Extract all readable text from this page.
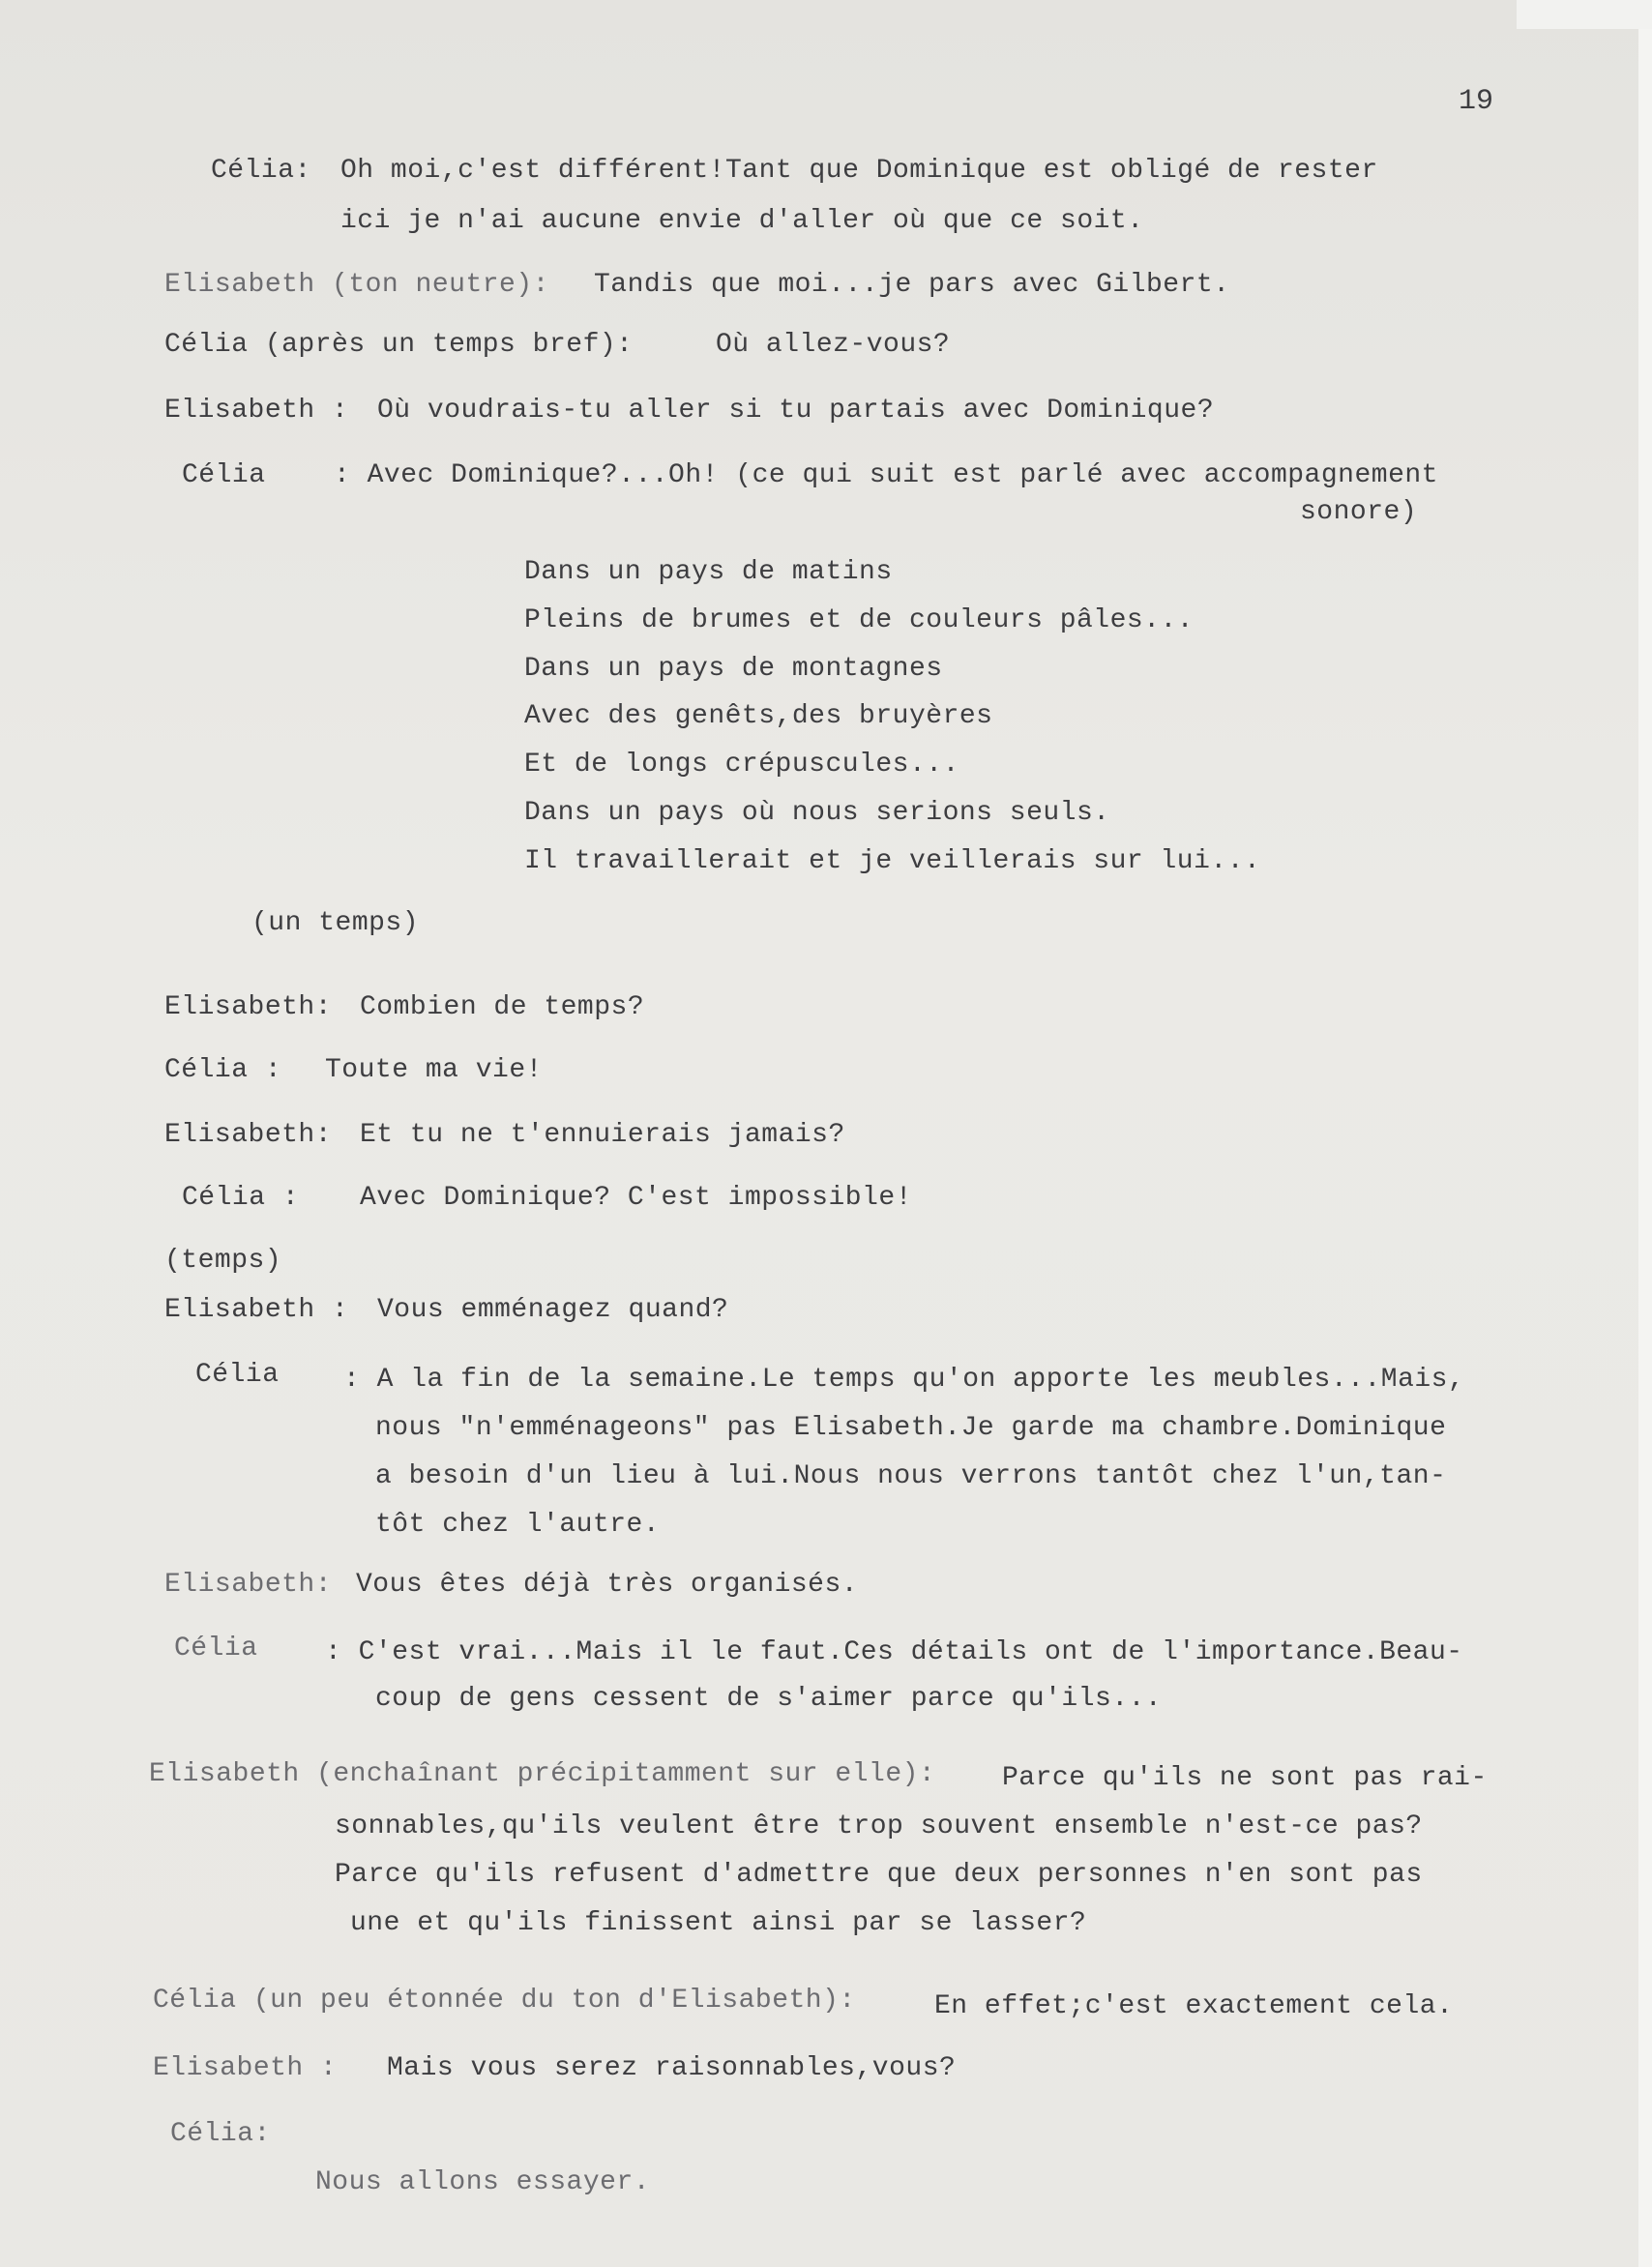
19
Célia: Oh moi,c'est différent!Tant que Dominique est obligé de rester
ici je n'ai aucune envie d'aller où que ce soit.
Elisabeth (ton neutre): Tandis que moi...je pars avec Gilbert.
Célia (après un temps bref):	Où allez-vous?
Elisabeth : Où voudrais-tu aller si tu partais avec Dominique?
Célia	: Avec Dominique?...Oh! (ce qui suit est parlé avec accompagnement
sonore)
Dans un pays de matins
Pleins de brumes et de couleurs pâles...
Dans un pays de montagnes
Avec des genêts,des bruyères
Et de longs crépuscules...
Dans un pays où nous serions seuls.
Il travaillerait et je veillerais sur lui...
(un temps)
Elisabeth: Combien de temps?
Célia : Toute ma vie!
Elisabeth: Et tu ne t'ennuierais jamais?
Célia : Avec Dominique? C'est impossible!
(temps)
Elisabeth : Vous emménagez quand?
Célia : A la fin de la semaine.Le temps qu'on apporte les meubles...Mais,
nous "n'emménageons" pas Elisabeth.Je garde ma chambre.Dominique
a besoin d'un lieu à lui.Nous nous verrons tantôt chez l'un,tan-
tôt chez l'autre.
Elisabeth: Vous êtes déjà très organisés.
Célia : C'est vrai...Mais il le faut.Ces détails ont de l'importance.Beau-
coup de gens cessent de s'aimer parce qu'ils...
Elisabeth (enchaînant précipitamment sur elle): Parce qu'ils ne sont pas rai-
sonnables,qu'ils veulent être trop souvent ensemble n'est-ce pas?
Parce qu'ils refusent d'admettre que deux personnes n'en sont pas
une et qu'ils finissent ainsi par se lasser?
Célia (un peu étonnée du ton d'Elisabeth):	En effet;c'est exactement cela.
Elisabeth : Mais vous serez raisonnables,vous?
Célia:
Nous allons essayer.
